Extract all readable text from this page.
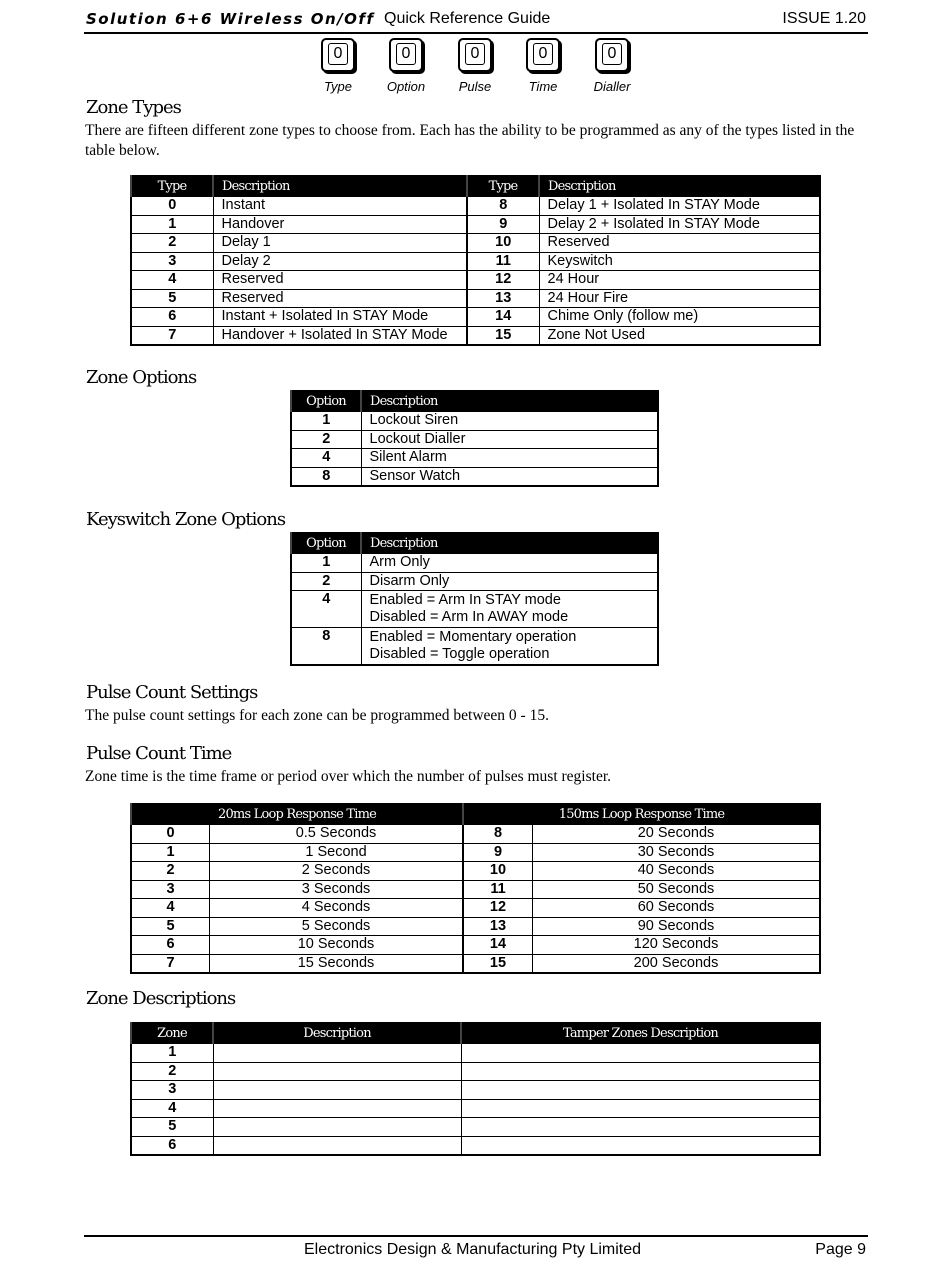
Solution 6+6 Wireless On/Off Quick Reference Guide	ISSUE 1.20
0
Type
0
Option
0
Pulse
0
Time
0
Dialler
Zone Types
There are fifteen different zone types to choose from. Each has the ability to be programmed as any of the types listed in the table below.
Type	Description	Type	Description
0	Instant	8	Delay 1 + Isolated In STAY Mode
1	Handover	9	Delay 2 + Isolated In STAY Mode
2	Delay 1	10	Reserved
3	Delay 2	11	Keyswitch
4	Reserved	12	24 Hour
5	Reserved	13	24 Hour Fire
6	Instant + Isolated In STAY Mode	14	Chime Only (follow me)
7	Handover + Isolated In STAY Mode	15	Zone Not Used
Zone Options
Option	Description
1	Lockout Siren
2	Lockout Dialler
4	Silent Alarm
8	Sensor Watch
Keyswitch Zone Options
Option	Description
1	Arm Only
2	Disarm Only
4	Enabled = Arm In STAY mode
Disabled = Arm In AWAY mode

8	Enabled = Momentary operation
Disabled = Toggle operation
Pulse Count Settings
The pulse count settings for each zone can be programmed between 0 - 15.
Pulse Count Time
Zone time is the time frame or period over which the number of pulses must register.
20ms Loop Response Time		150ms Loop Response Time	
0	0.5 Seconds	8	20 Seconds
1	1 Second	9	30 Seconds
2	2 Seconds	10	40 Seconds
3	3 Seconds	11	50 Seconds
4	4 Seconds	12	60 Seconds
5	5 Seconds	13	90 Seconds
6	10 Seconds	14	120 Seconds
7	15 Seconds	15	200 Seconds
Zone Descriptions
Zone	Description	Tamper Zones Description
1		
2		
3		
4		
5		
6		
Electronics Design & Manufacturing Pty Limited	Page 9
